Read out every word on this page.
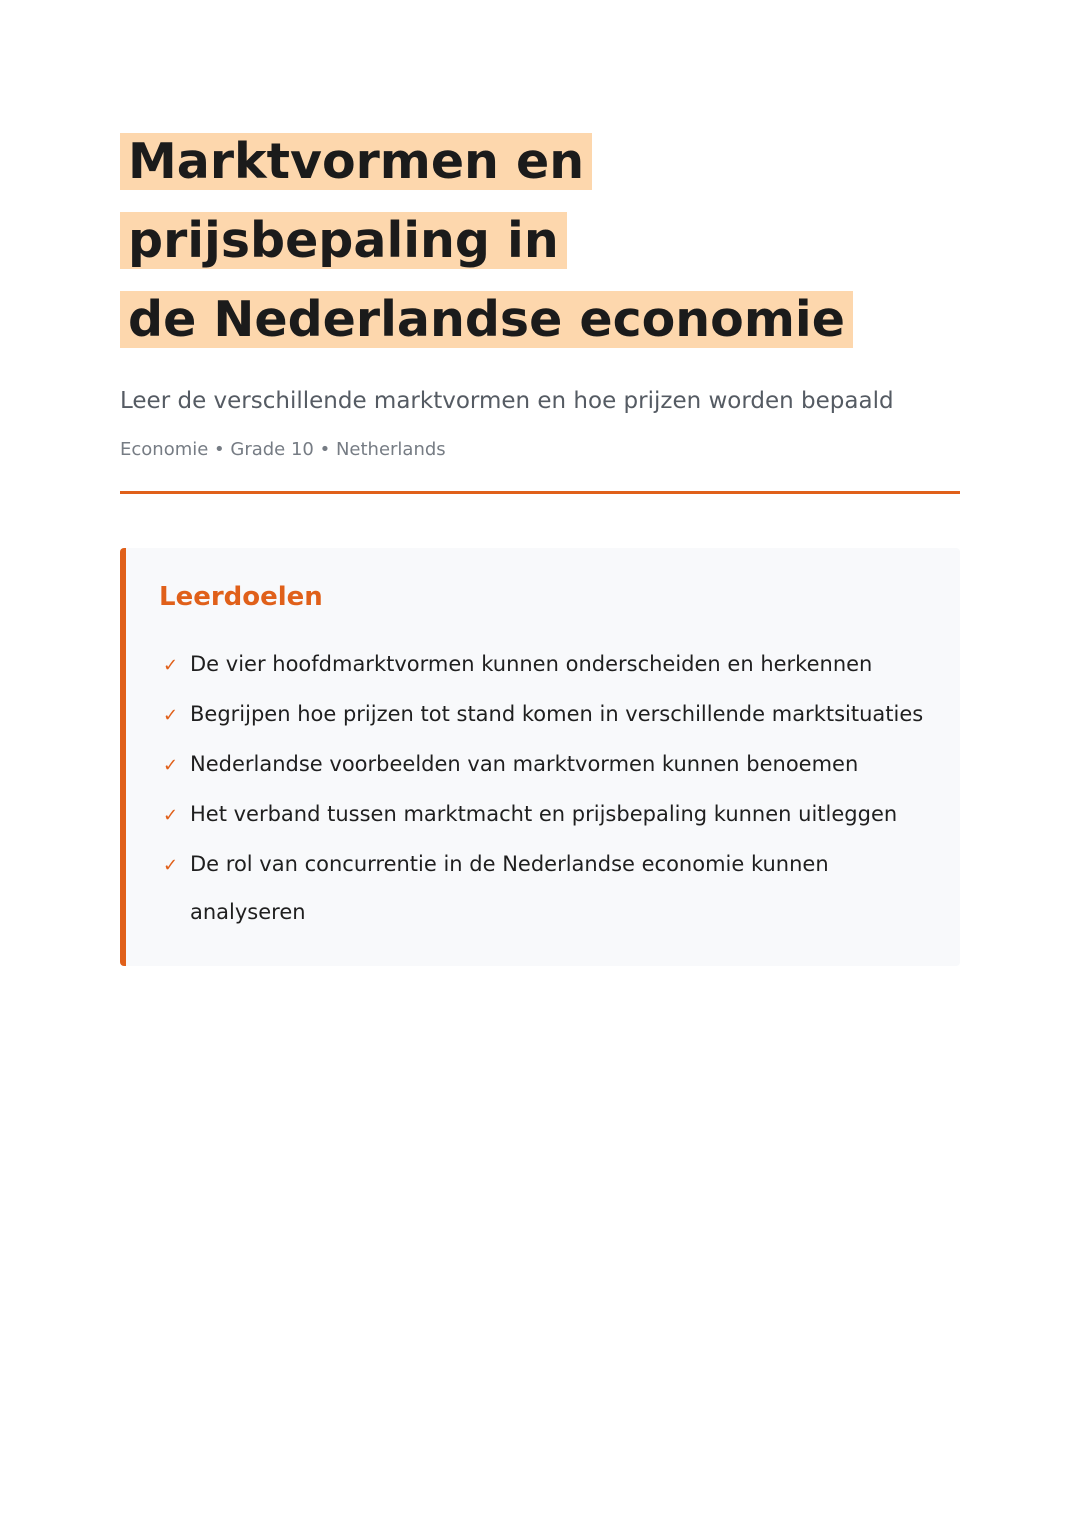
Marktvormen en prijsbepaling in
de Nederlandse economie

Leer de verschillende marktvormen en hoe prijzen worden bepaald

Economie • Grade 10 • Netherlands

Leerdoelen
✓ De vier hoofdmarktvormen kunnen onderscheiden en herkennen
✓ Begrijpen hoe prijzen tot stand komen in verschillende marktsituaties
✓ Nederlandse voorbeelden van marktvormen kunnen benoemen
✓ Het verband tussen marktmacht en prijsbepaling kunnen uitleggen
✓ De rol van concurrentie in de Nederlandse economie kunnen analyseren
